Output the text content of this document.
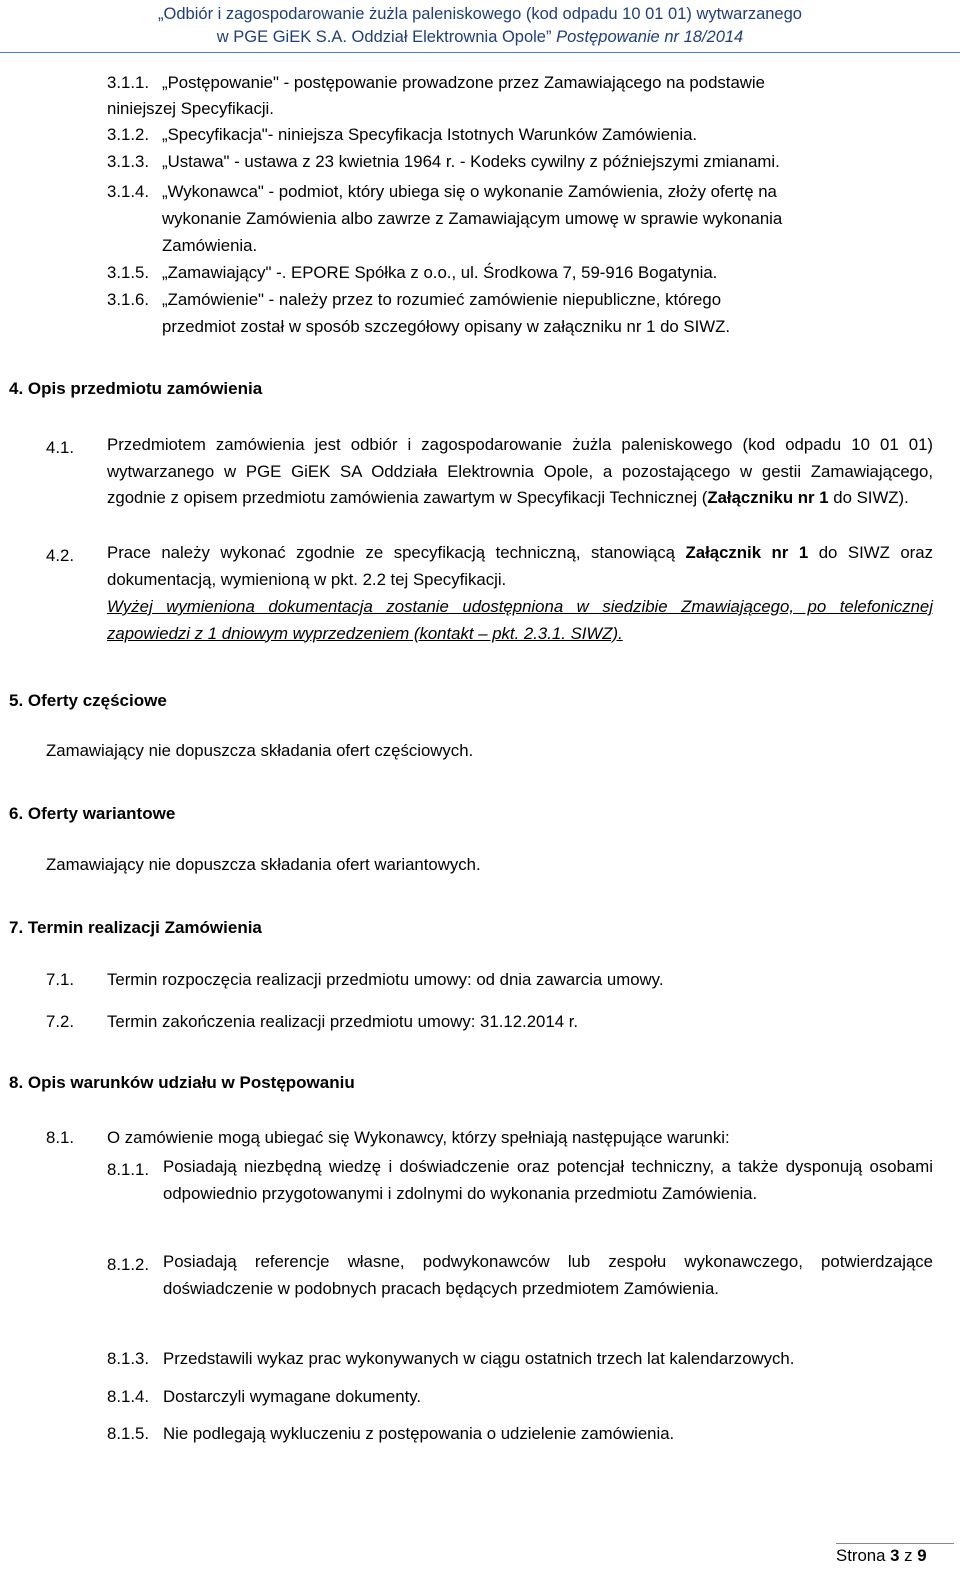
„Odbiór i zagospodarowanie żużla paleniskowego (kod odpadu 10 01 01) wytwarzanego
w PGE GiEK S.A. Oddział Elektrownia Opole” Postępowanie nr 18/2014
3.1.1. „Postępowanie" - postępowanie prowadzone przez Zamawiającego na podstawie
niniejszej Specyfikacji.
3.1.2. „Specyfikacja"- niniejsza Specyfikacja Istotnych Warunków Zamówienia.
3.1.3. „Ustawa" - ustawa z 23 kwietnia 1964 r. - Kodeks cywilny z późniejszymi zmianami.
3.1.4. „Wykonawca" - podmiot, który ubiega się o wykonanie Zamówienia, złoży ofertę na
wykonanie Zamówienia albo zawrze z Zamawiającym umowę w sprawie wykonania
Zamówienia.
3.1.5. „Zamawiający" -. EPORE Spółka z o.o., ul. Środkowa 7, 59-916 Bogatynia.
3.1.6. „Zamówienie" - należy przez to rozumieć zamówienie niepubliczne, którego
przedmiot został w sposób szczegółowy opisany w załączniku nr 1 do SIWZ.
4. Opis przedmiotu zamówienia
4.1. Przedmiotem zamówienia jest odbiór i zagospodarowanie żużla paleniskowego (kod odpadu 10 01 01) wytwarzanego w PGE GiEK SA Oddziała Elektrownia Opole, a pozostającego w gestii Zamawiającego, zgodnie z opisem przedmiotu zamówienia zawartym w Specyfikacji Technicznej (Załączniku nr 1 do SIWZ).
4.2. Prace należy wykonać zgodnie ze specyfikacją techniczną, stanowiącą Załącznik nr 1 do SIWZ oraz dokumentacją, wymienioną w pkt. 2.2 tej Specyfikacji.
Wyżej wymieniona dokumentacja zostanie udostępniona w siedzibie Zmawiającego, po telefonicznej zapowiedzi z 1 dniowym wyprzedzeniem (kontakt – pkt. 2.3.1. SIWZ).
5. Oferty częściowe
Zamawiający nie dopuszcza składania ofert częściowych.
6. Oferty wariantowe
Zamawiający nie dopuszcza składania ofert wariantowych.
7. Termin realizacji Zamówienia
7.1. Termin rozpoczęcia realizacji przedmiotu umowy: od dnia zawarcia umowy.
7.2. Termin zakończenia realizacji przedmiotu umowy: 31.12.2014 r.
8. Opis warunków udziału w Postępowaniu
8.1. O zamówienie mogą ubiegać się Wykonawcy, którzy spełniają następujące warunki:
8.1.1. Posiadają niezbędną wiedzę i doświadczenie oraz potencjał techniczny, a także dysponują osobami odpowiednio przygotowanymi i zdolnymi do wykonania przedmiotu Zamówienia.
8.1.2. Posiadają referencje własne, podwykonawców lub zespołu wykonawczego, potwierdzające doświadczenie w podobnych pracach będących przedmiotem Zamówienia.
8.1.3. Przedstawili wykaz prac wykonywanych w ciągu ostatnich trzech lat kalendarzowych.
8.1.4. Dostarczyli wymagane dokumenty.
8.1.5. Nie podlegają wykluczeniu z postępowania o udzielenie zamówienia.
Strona 3 z 9
